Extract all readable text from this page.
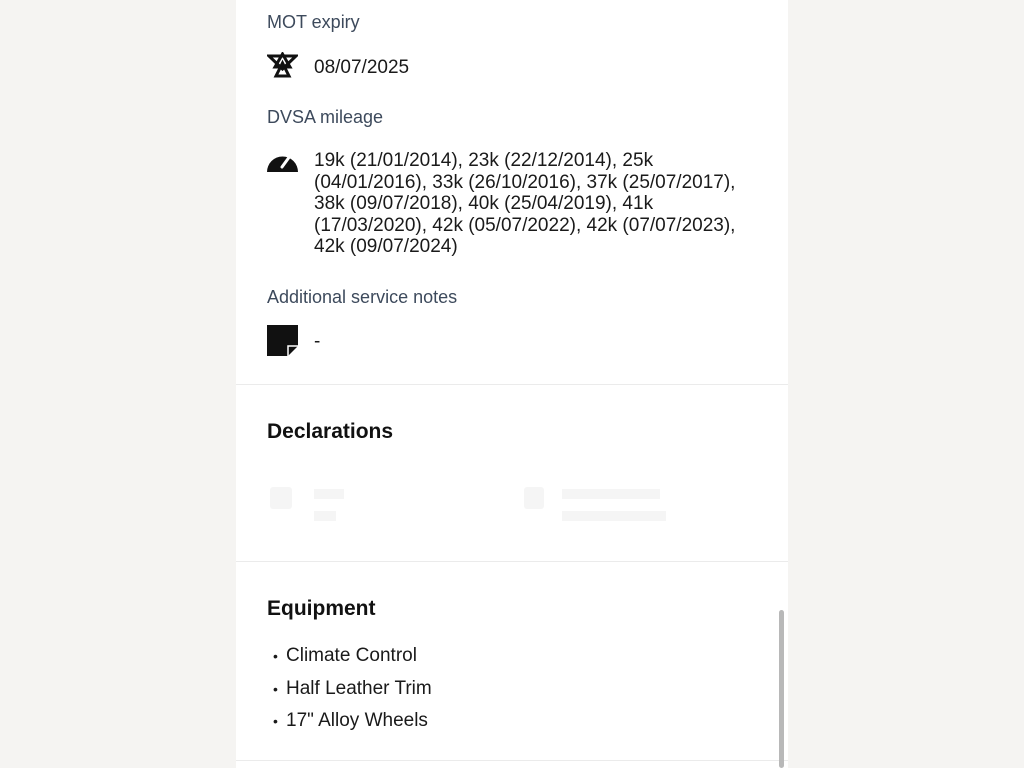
MOT expiry
08/07/2025
DVSA mileage
19k (21/01/2014), 23k (22/12/2014), 25k
(04/01/2016), 33k (26/10/2016), 37k (25/07/2017),
38k (09/07/2018), 40k (25/04/2019), 41k
(17/03/2020), 42k (05/07/2022), 42k (07/07/2023),
42k (09/07/2024)
Additional service notes
-
Declarations
Equipment
• Climate Control
• Half Leather Trim
• 17" Alloy Wheels
